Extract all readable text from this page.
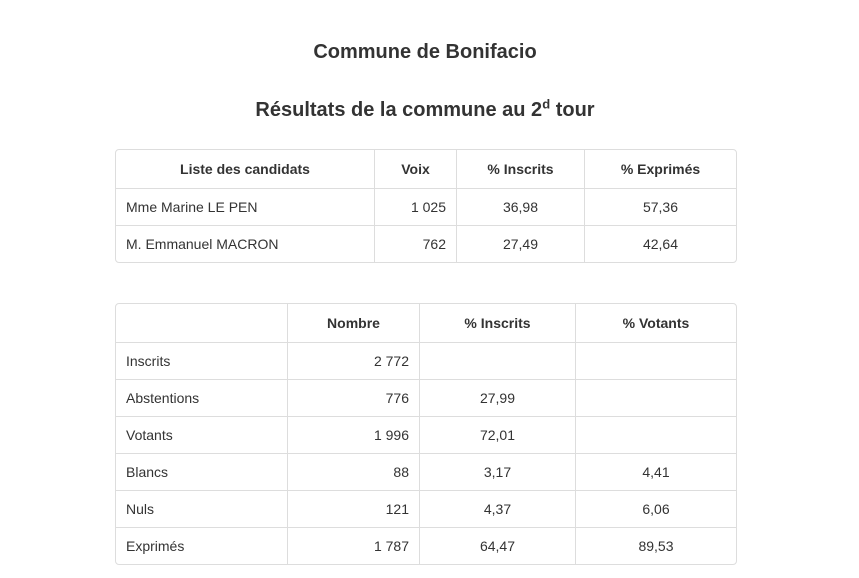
Commune de Bonifacio
Résultats de la commune au 2$^d$ tour
Liste des candidats	Voix	% Inscrits	% Exprimés
Mme Marine LE PEN	1 025	36,98	57,36
M. Emmanuel MACRON	762	27,49	42,64
	Nombre	% Inscrits	% Votants
Inscrits	2 772		
Abstentions	776	27,99	
Votants	1 996	72,01	
Blancs	88	3,17	4,41
Nuls	121	4,37	6,06
Exprimés	1 787	64,47	89,53
